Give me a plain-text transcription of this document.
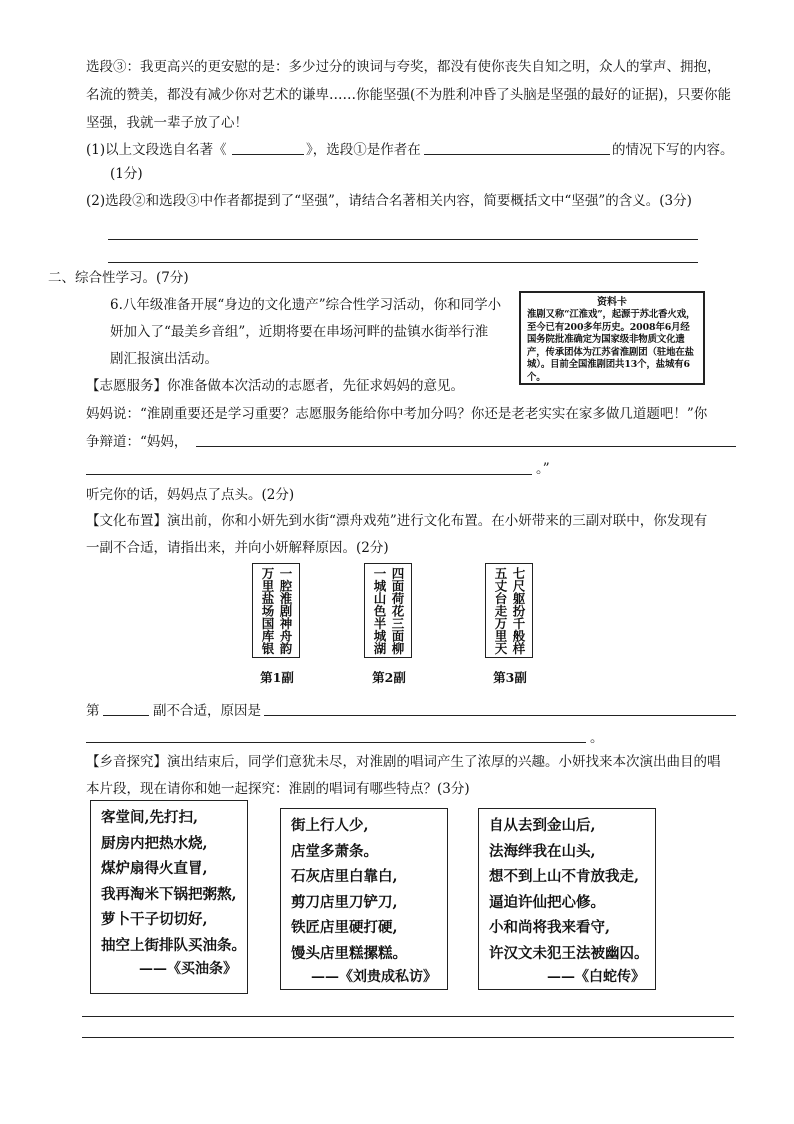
选段③：我更高兴的更安慰的是：多少过分的谀词与夸奖，都没有使你丧失自知之明，众人的掌声、拥抱，
名流的赞美，都没有减少你对艺术的谦卑……你能坚强(不为胜利冲昏了头脑是坚强的最好的证据)，只要你能
坚强，我就一辈子放了心！
(1)以上文段选自名著《	》，选段①是作者在	的情况下写的内容。
(1分)
(2)选段②和选段③中作者都提到了“坚强”，请结合名著相关内容，简要概括文中“坚强”的含义。(3分)
二、综合性学习。(7分)
6.八年级准备开展“身边的文化遗产”综合性学习活动，你和同学小
妍加入了“最美乡音组”，近期将要在串场河畔的盐镇水街举行淮
剧汇报演出活动。
资料卡
淮剧又称“江淮戏”，起源于苏北香火戏，至今已有200多年历史。2008年6月经国务院批准确定为国家级非物质文化遗产，传承团体为江苏省淮剧团（驻地在盐城）。目前全国淮剧团共13个，盐城有6个。
【志愿服务】 你准备做本次活动的志愿者，先征求妈妈的意见。
妈妈说：“淮剧重要还是学习重要？志愿服务能给你中考加分吗？你还是老老实实在家多做几道题吧！”你
争辩道：“妈妈，
。”
听完你的话，妈妈点了点头。(2分)
【文化布置】 演出前，你和小妍先到水街“漂舟戏苑”进行文化布置。在小妍带来的三副对联中，你发现有
一副不合适，请指出来，并向小妍解释原因。(2分)
一腔淮剧神舟韵
万里盐场国库银
第1副
四面荷花三面柳
一城山色半城湖
第2副
七尺躯扮千般样
五丈台走万里天
第3副
第	副不合适，原因是
。
【乡音探究】 演出结束后，同学们意犹未尽，对淮剧的唱词产生了浓厚的兴趣。小妍找来本次演出曲目的唱
本片段，现在请你和她一起探究：淮剧的唱词有哪些特点？(3分)
客堂间,先打扫,
厨房内把热水烧,
煤炉扇得火直冒,
我再淘米下锅把粥熬,
萝卜干子切切好,
抽空上街排队买油条。
——《买油条》
街上行人少,
店堂多萧条。
石灰店里白靠白,
剪刀店里刀铲刀,
铁匠店里硬打硬,
馒头店里糕摞糕。
——《刘贵成私访》
自从去到金山后,
法海绊我在山头,
想不到上山不肯放我走,
逼迫许仙把心修。
小和尚将我来看守,
许汉文未犯王法被幽囚。
——《白蛇传》
